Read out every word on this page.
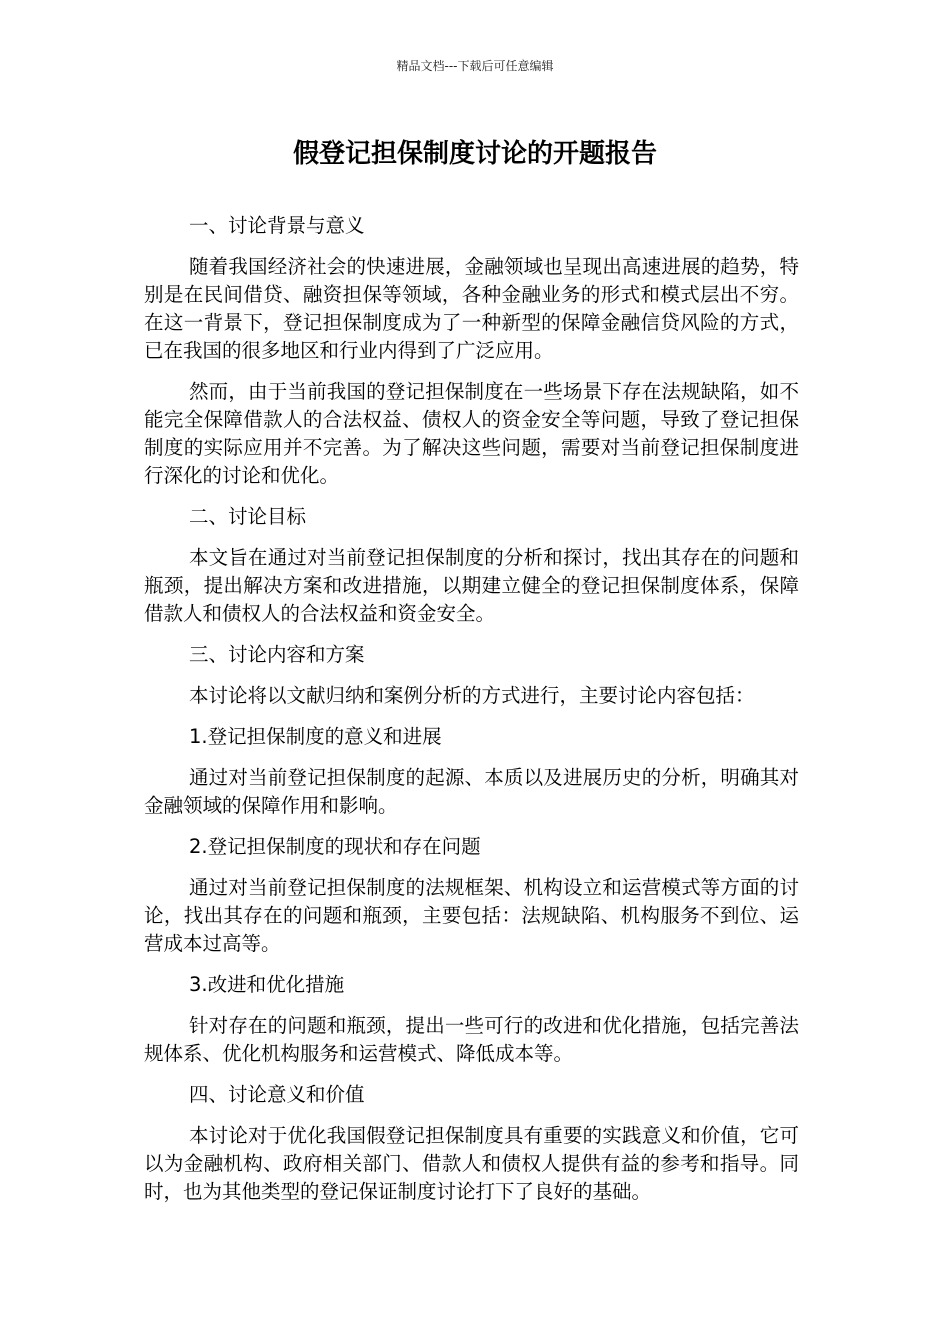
精品文档---下载后可任意编辑
假登记担保制度讨论的开题报告

一、讨论背景与意义

随着我国经济社会的快速进展，金融领域也呈现出高速进展的趋势，特别是在民间借贷、融资担保等领域，各种金融业务的形式和模式层出不穷。在这一背景下，登记担保制度成为了一种新型的保障金融信贷风险的方式，已在我国的很多地区和行业内得到了广泛应用。

然而，由于当前我国的登记担保制度在一些场景下存在法规缺陷，如不能完全保障借款人的合法权益、债权人的资金安全等问题，导致了登记担保制度的实际应用并不完善。为了解决这些问题，需要对当前登记担保制度进行深化的讨论和优化。

二、讨论目标

本文旨在通过对当前登记担保制度的分析和探讨，找出其存在的问题和瓶颈，提出解决方案和改进措施，以期建立健全的登记担保制度体系，保障借款人和债权人的合法权益和资金安全。

三、讨论内容和方案

本讨论将以文献归纳和案例分析的方式进行，主要讨论内容包括：

1.登记担保制度的意义和进展

通过对当前登记担保制度的起源、本质以及进展历史的分析，明确其对金融领域的保障作用和影响。

2.登记担保制度的现状和存在问题

通过对当前登记担保制度的法规框架、机构设立和运营模式等方面的讨论，找出其存在的问题和瓶颈，主要包括：法规缺陷、机构服务不到位、运营成本过高等。

3.改进和优化措施

针对存在的问题和瓶颈，提出一些可行的改进和优化措施，包括完善法规体系、优化机构服务和运营模式、降低成本等。

四、讨论意义和价值

本讨论对于优化我国假登记担保制度具有重要的实践意义和价值，它可以为金融机构、政府相关部门、借款人和债权人提供有益的参考和指导。同时，也为其他类型的登记保证制度讨论打下了良好的基础。
